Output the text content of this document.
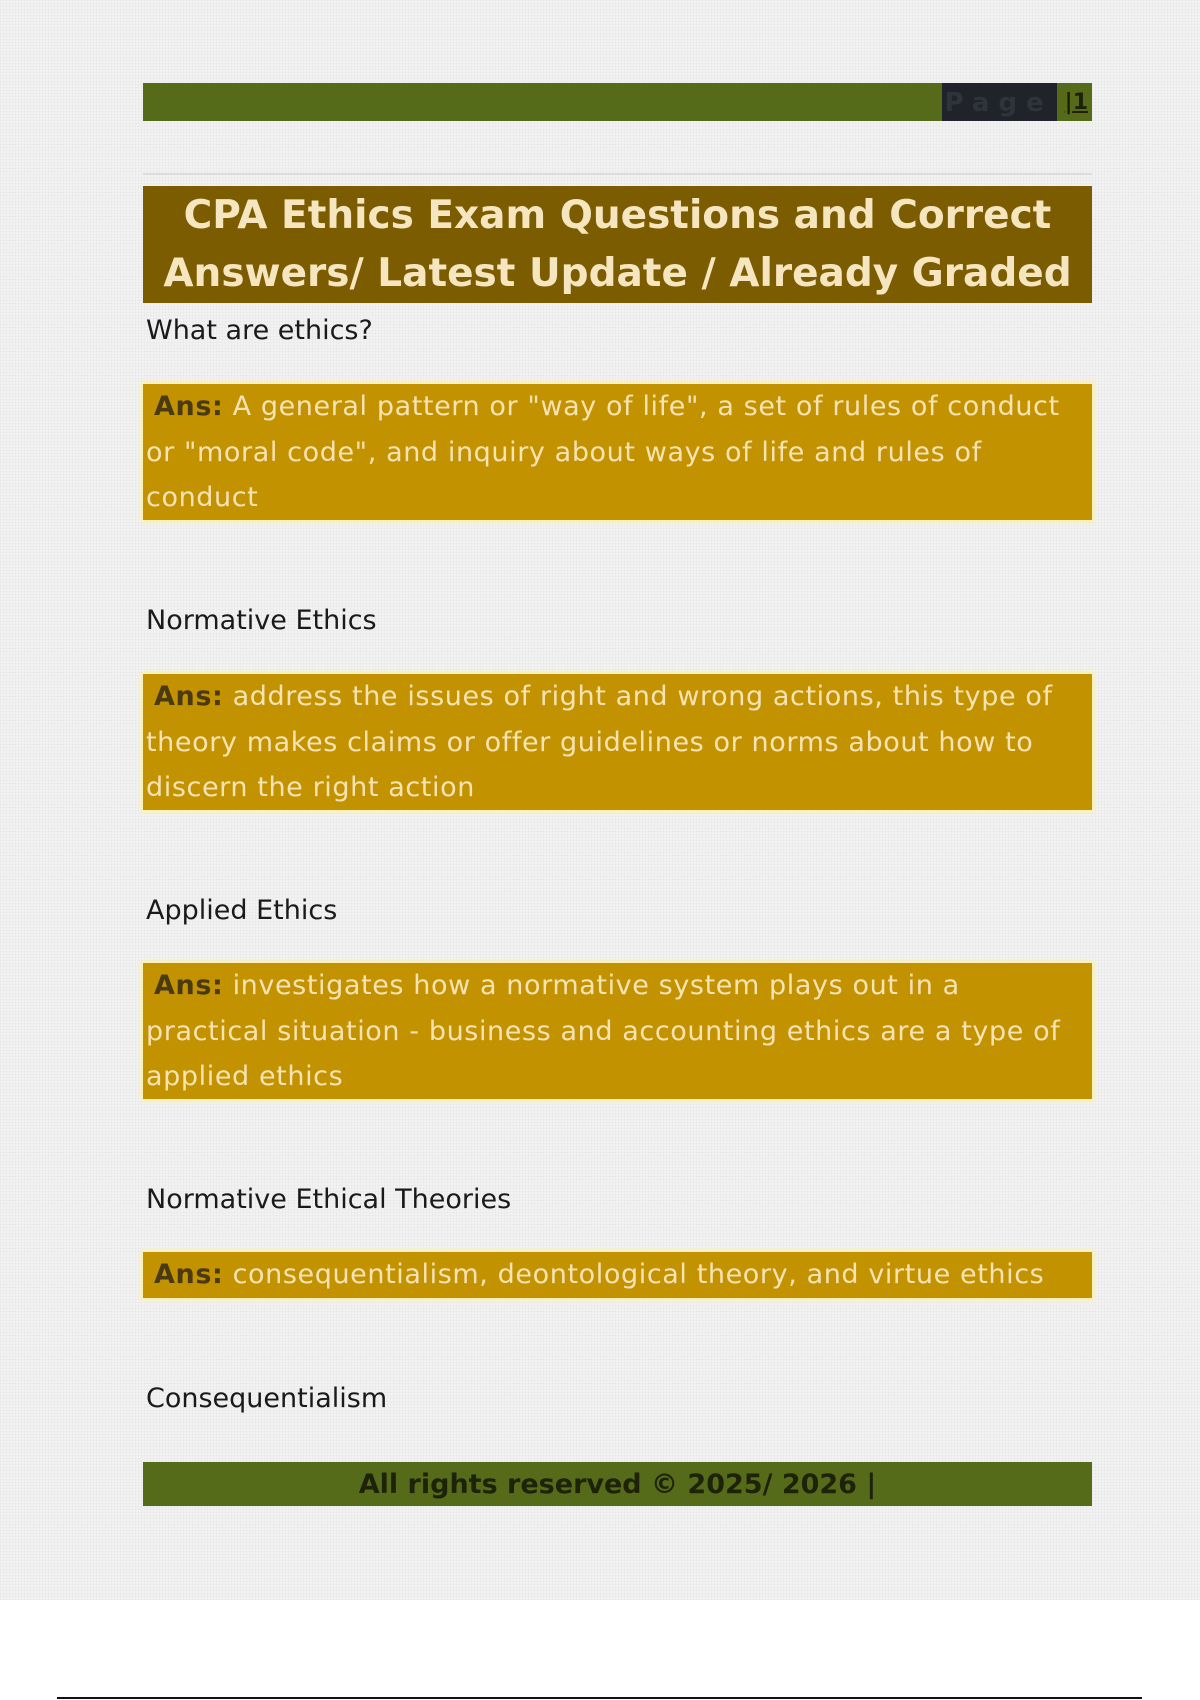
Page |1
CPA Ethics Exam Questions and Correct Answers/ Latest Update / Already Graded
What are ethics?
Ans: A general pattern or "way of life", a set of rules of conduct or "moral code", and inquiry about ways of life and rules of conduct
Normative Ethics
Ans: address the issues of right and wrong actions, this type of theory makes claims or offer guidelines or norms about how to discern the right action
Applied Ethics
Ans: investigates how a normative system plays out in a practical situation - business and accounting ethics are a type of applied ethics
Normative Ethical Theories
Ans: consequentialism, deontological theory, and virtue ethics
Consequentialism
All rights reserved © 2025/ 2026 |
